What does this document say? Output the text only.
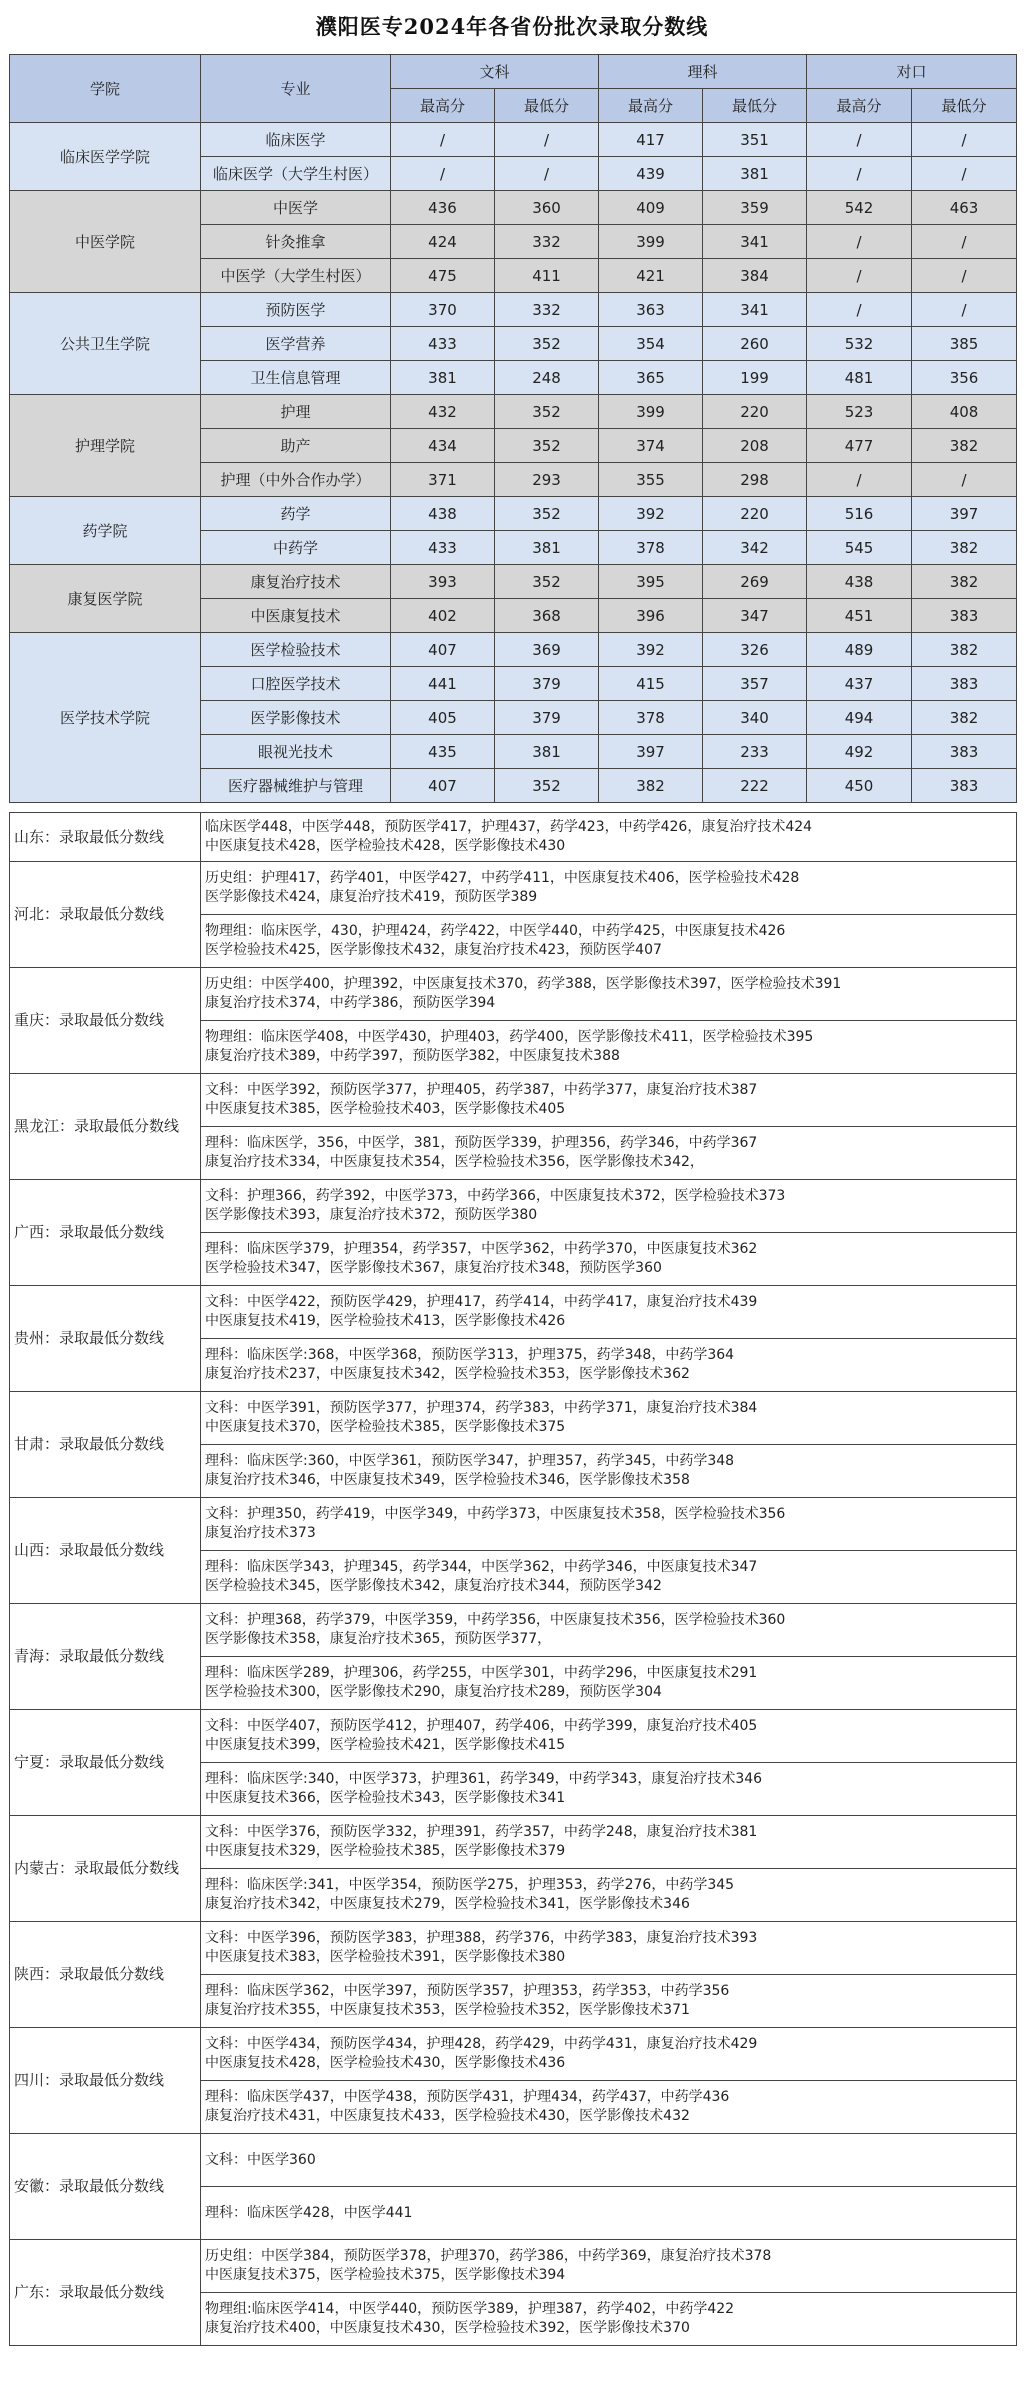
濮阳医专2024年各省份批次录取分数线
学院	专业	文科		理科		对口	
		最高分	最低分	最高分	最低分	最高分	最低分
临床医学学院	临床医学	/	/	417	351	/	/
	临床医学（大学生村医）	/	/	439	381	/	/
中医学院	中医学	436	360	409	359	542	463
	针灸推拿	424	332	399	341	/	/
	中医学（大学生村医）	475	411	421	384	/	/
公共卫生学院	预防医学	370	332	363	341	/	/
	医学营养	433	352	354	260	532	385
	卫生信息管理	381	248	365	199	481	356
护理学院	护理	432	352	399	220	523	408
	助产	434	352	374	208	477	382
	护理（中外合作办学）	371	293	355	298	/	/
药学院	药学	438	352	392	220	516	397
	中药学	433	381	378	342	545	382
康复医学院	康复治疗技术	393	352	395	269	438	382
	中医康复技术	402	368	396	347	451	383
医学技术学院	医学检验技术	407	369	392	326	489	382
	口腔医学技术	441	379	415	357	437	383
	医学影像技术	405	379	378	340	494	382
	眼视光技术	435	381	397	233	492	383
	医疗器械维护与管理	407	352	382	222	450	383
山东：录取最低分数线	临床医学448，中医学448，预防医学417，护理437，药学423，中药学426，康复治疗技术424
中医康复技术428，医学检验技术428，医学影像技术430
河北：录取最低分数线	历史组：护理417，药学401，中医学427，中药学411，中医康复技术406，医学检验技术428
医学影像技术424，康复治疗技术419，预防医学389
	物理组：临床医学，430，护理424，药学422，中医学440，中药学425，中医康复技术426
医学检验技术425，医学影像技术432，康复治疗技术423，预防医学407
重庆：录取最低分数线	历史组：中医学400，护理392，中医康复技术370，药学388，医学影像技术397，医学检验技术391
康复治疗技术374，中药学386，预防医学394
	物理组：临床医学408，中医学430，护理403，药学400，医学影像技术411，医学检验技术395
康复治疗技术389，中药学397，预防医学382，中医康复技术388
黑龙江：录取最低分数线	文科：中医学392，预防医学377，护理405，药学387，中药学377，康复治疗技术387
中医康复技术385，医学检验技术403，医学影像技术405
	理科：临床医学，356，中医学，381，预防医学339，护理356，药学346，中药学367
康复治疗技术334，中医康复技术354，医学检验技术356，医学影像技术342，
广西：录取最低分数线	文科：护理366，药学392，中医学373，中药学366，中医康复技术372，医学检验技术373
医学影像技术393，康复治疗技术372，预防医学380
	理科：临床医学379，护理354，药学357，中医学362，中药学370，中医康复技术362
医学检验技术347，医学影像技术367，康复治疗技术348，预防医学360
贵州：录取最低分数线	文科：中医学422，预防医学429，护理417，药学414，中药学417，康复治疗技术439
中医康复技术419，医学检验技术413，医学影像技术426
	理科：临床医学:368，中医学368，预防医学313，护理375，药学348，中药学364
康复治疗技术237，中医康复技术342，医学检验技术353，医学影像技术362
甘肃：录取最低分数线	文科：中医学391，预防医学377，护理374，药学383，中药学371，康复治疗技术384
中医康复技术370，医学检验技术385，医学影像技术375
	理科：临床医学:360，中医学361，预防医学347，护理357，药学345，中药学348
康复治疗技术346，中医康复技术349，医学检验技术346，医学影像技术358
山西：录取最低分数线	文科：护理350，药学419，中医学349，中药学373，中医康复技术358，医学检验技术356
康复治疗技术373
	理科：临床医学343，护理345，药学344，中医学362，中药学346，中医康复技术347
医学检验技术345，医学影像技术342，康复治疗技术344，预防医学342
青海：录取最低分数线	文科：护理368，药学379，中医学359，中药学356，中医康复技术356，医学检验技术360
医学影像技术358，康复治疗技术365，预防医学377，
	理科：临床医学289，护理306，药学255，中医学301，中药学296，中医康复技术291
医学检验技术300，医学影像技术290，康复治疗技术289，预防医学304
宁夏：录取最低分数线	文科：中医学407，预防医学412，护理407，药学406，中药学399，康复治疗技术405
中医康复技术399，医学检验技术421，医学影像技术415
	理科：临床医学:340，中医学373，护理361，药学349，中药学343，康复治疗技术346
中医康复技术366，医学检验技术343，医学影像技术341
内蒙古：录取最低分数线	文科：中医学376，预防医学332，护理391，药学357，中药学248，康复治疗技术381
中医康复技术329，医学检验技术385，医学影像技术379
	理科：临床医学:341，中医学354，预防医学275，护理353，药学276，中药学345
康复治疗技术342，中医康复技术279，医学检验技术341，医学影像技术346
陕西：录取最低分数线	文科：中医学396，预防医学383，护理388，药学376，中药学383，康复治疗技术393
中医康复技术383，医学检验技术391，医学影像技术380
	理科：临床医学362，中医学397，预防医学357，护理353，药学353，中药学356
康复治疗技术355，中医康复技术353，医学检验技术352，医学影像技术371
四川：录取最低分数线	文科：中医学434，预防医学434，护理428，药学429，中药学431，康复治疗技术429
中医康复技术428，医学检验技术430，医学影像技术436
	理科：临床医学437，中医学438，预防医学431，护理434，药学437，中药学436
康复治疗技术431，中医康复技术433，医学检验技术430，医学影像技术432
安徽：录取最低分数线	文科：中医学360
	理科：临床医学428，中医学441
广东：录取最低分数线	历史组：中医学384，预防医学378，护理370，药学386，中药学369，康复治疗技术378
中医康复技术375，医学检验技术375，医学影像技术394
	物理组:临床医学414，中医学440，预防医学389，护理387，药学402，中药学422
康复治疗技术400，中医康复技术430，医学检验技术392，医学影像技术370
